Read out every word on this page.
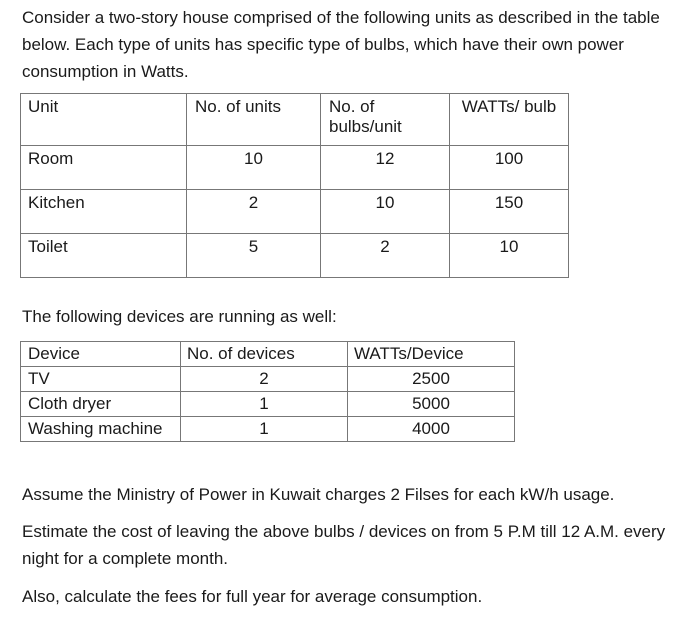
Consider a two-story house comprised of the following units as described in the table below. Each type of units has specific type of bulbs, which have their own power consumption in Watts.
Unit	No. of units	No. of bulbs/unit	WATTs/ bulb
Room	10	12	100
Kitchen	2	10	150
Toilet	5	2	10
The following devices are running as well:
Device	No. of devices	WATTs/Device
TV	2	2500
Cloth dryer	1	5000
Washing machine	1	4000
Assume the Ministry of Power in Kuwait charges 2 Filses for each kW/h usage.
Estimate the cost of leaving the above bulbs / devices on from 5 P.M till 12 A.M. every night for a complete month.
Also, calculate the fees for full year for average consumption.
